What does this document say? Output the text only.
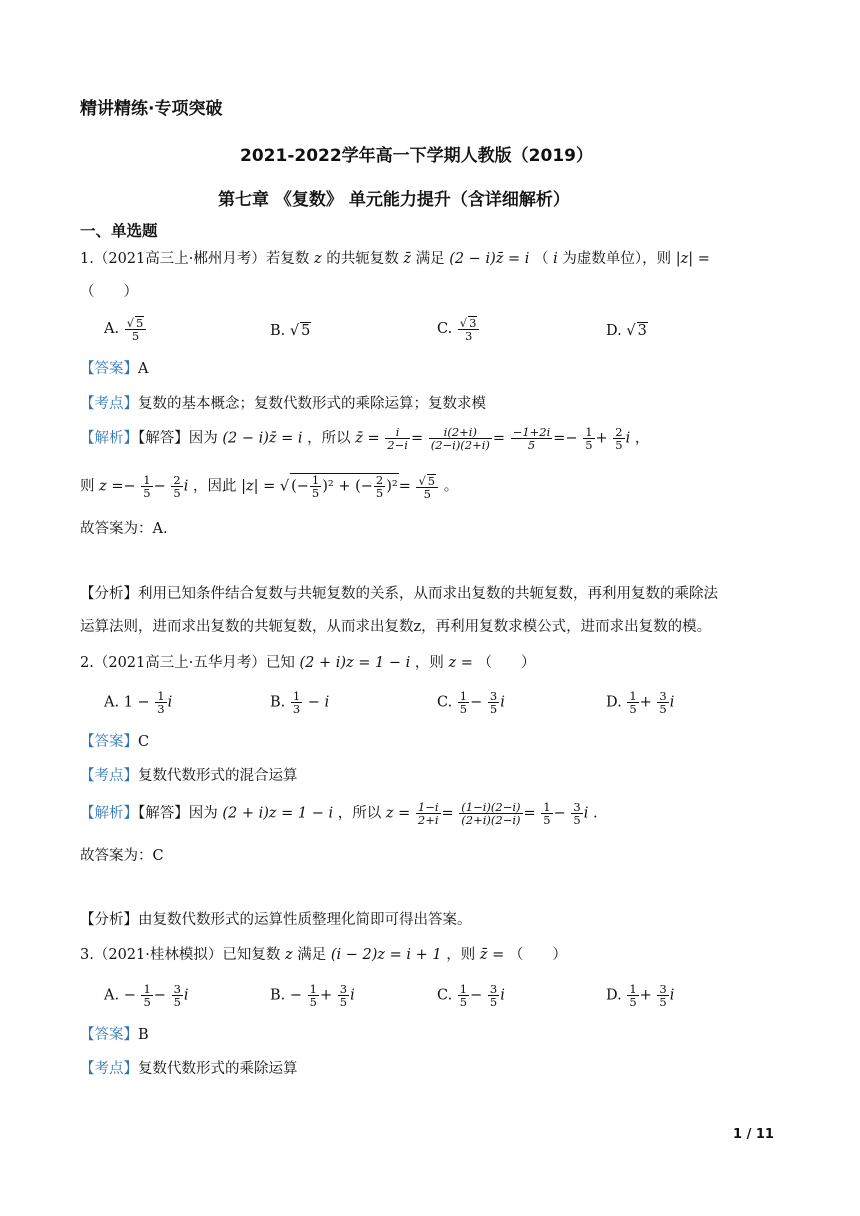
精讲精练·专项突破
2021-2022学年高一下学期人教版（2019）
第七章 《复数》 单元能力提升（含详细解析）
一、单选题
1.（2021高三上·郴州月考）若复数 z 的共轭复数 z̄ 满足 (2 − i)z̄ = i （ i 为虚数单位），则 |z| =
（　　）
A. $\frac{√ 5}{5}$	B. √ 5	C. $\frac{√ 3}{3}$	D. √ 3
【答案】A
【考点】复数的基本概念；复数代数形式的乘除运算；复数求模
【解析】【解答】因为 (2 − i)z̄ = i ，所以 z̄ = $\frac{i}{2-i} = \frac{i(2+i)}{(2-i)(2+i)} = \frac{-1+2i}{5} =- \frac{1}{5} + \frac{2}{5}$ i ，
则 $z =- \frac{1}{5} - \frac{2}{5}$ i ，因此 |z| = √ (− $\frac{1}{5} )^2$ + (− $\frac{2}{5} )^2= \frac{√ 5}{5}$ 。
故答案为：A.
【分析】利用已知条件结合复数与共轭复数的关系，从而求出复数的共轭复数，再利用复数的乘除法
运算法则，进而求出复数的共轭复数，从而求出复数z，再利用复数求模公式，进而求出复数的模。
2.（2021高三上·五华月考）已知 (2 + i)z = 1 − i ，则 z = （　　）
A. $1 - \frac{1}{3}$ i	B. $\frac{1}{3} - i$	C. $\frac{1}{5} - \frac{3}{5}$ i	D. $\frac{1}{5} + \frac{3}{5}$ i
【答案】C
【考点】复数代数形式的混合运算
【解析】【解答】因为 (2 + i)z = 1 − i ，所以 $z = \frac{1-i}{2+i} = \frac{(1-i)(2-i)}{(2+i)(2-i)} = \frac{1}{5} - \frac{3}{5}$ i .
故答案为：C
【分析】由复数代数形式的运算性质整理化简即可得出答案。
3.（2021·桂林模拟）已知复数 z 满足 (i − 2)z = i + 1 ，则 z̄ = （　　）
A. − $\frac{1}{5} - \frac{3}{5}$ i	B. − $\frac{1}{5} + \frac{3}{5}$ i	C. $\frac{1}{5} - \frac{3}{5}$ i	D. $\frac{1}{5} + \frac{3}{5}$ i
【答案】B
【考点】复数代数形式的乘除运算
1 / 11
